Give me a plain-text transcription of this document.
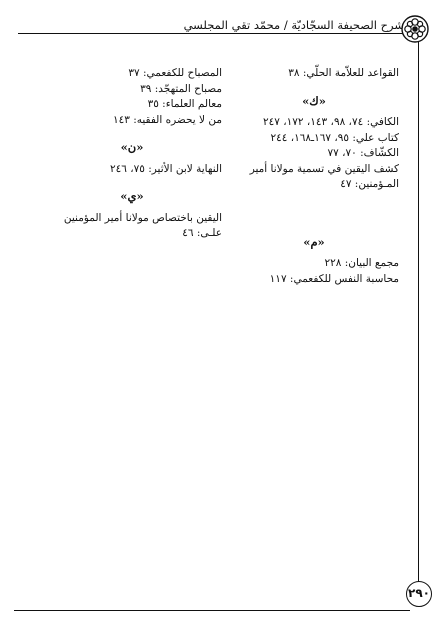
شرح الصحيفة السجّاديّة / محمّد تقي المجلسي
القواعد للعلاّمة الحلّي: ٣٨
«ك»
الكافي: ٧٤، ٩٨، ١٤٣، ١٧٢، ٢٤٧
كتاب علي: ٩٥، ١٦٧ـ١٦٨، ٢٤٤
الكشّاف: ٧٠، ٧٧
كشف اليقين في تسمية مولانا أمير المـؤمنين: ٤٧
«م»
مجمع البيان: ٢٢٨
محاسبة النفس للكفعمي: ١١٧
المصباح للكفعمي: ٣٧
مصباح المتهجّد: ٣٩
معالم العلماء: ٣٥
من لا يحضره الفقيه: ١٤٣
«ن»
النهاية لابن الأثير: ٧٥، ٢٤٦
«ي»
اليقين باختصاص مولانا أمير المؤمنين علـى: ٤٦
٢٩٠
